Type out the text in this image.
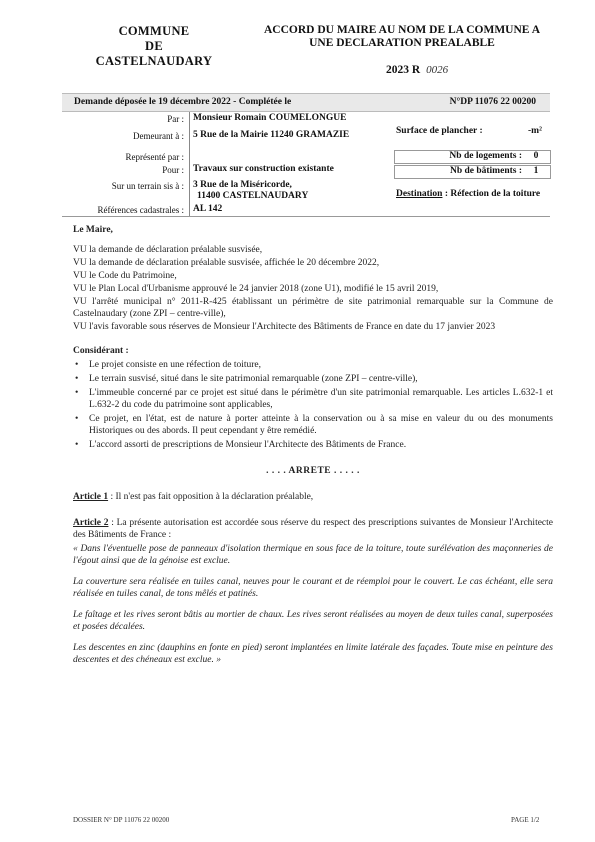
COMMUNE
DE
CASTELNAUDARY
ACCORD DU MAIRE AU NOM DE LA COMMUNE A
UNE DECLARATION PREALABLE
2023 R 0026
Demande déposée le 19 décembre 2022 - Complétée le	N°DP 11076 22 00200
Par : Monsieur Romain COUMELONGUE
Demeurant à : 5 Rue de la Mairie 11240 GRAMAZIE
Représenté par :
Pour : Travaux sur construction existante
Sur un terrain sis à : 3 Rue de la Miséricorde,
11400 CASTELNAUDARY
Références cadastrales : AL 142
Surface de plancher :	-m²
Nb de logements :	0
Nb de bâtiments :	1
Destination : Réfection de la toiture

Le Maire,

VU la demande de déclaration préalable susvisée,

VU la demande de déclaration préalable susvisée, affichée le 20 décembre 2022,

VU le Code du Patrimoine,

VU le Plan Local d'Urbanisme approuvé le 24 janvier 2018 (zone U1), modifié le 15 avril 2019,

VU l'arrêté municipal n° 2011-R-425 établissant un périmètre de site patrimonial remarquable sur la Commune de Castelnaudary (zone ZPI – centre-ville),

VU l'avis favorable sous réserves de Monsieur l'Architecte des Bâtiments de France en date du 17 janvier 2023

Considérant :

• Le projet consiste en une réfection de toiture,
• Le terrain susvisé, situé dans le site patrimonial remarquable (zone ZPI – centre-ville),
• L'immeuble concerné par ce projet est situé dans le périmètre d'un site patrimonial remarquable. Les articles L.632-1 et L.632-2 du code du patrimoine sont applicables,
• Ce projet, en l'état, est de nature à porter atteinte à la conservation ou à sa mise en valeur du ou des monuments Historiques ou des abords. Il peut cependant y être remédié.
• L'accord assorti de prescriptions de Monsieur l'Architecte des Bâtiments de France.

. . . . ARRETE . . . . .

Article 1 : Il n'est pas fait opposition à la déclaration préalable,

Article 2 : La présente autorisation est accordée sous réserve du respect des prescriptions suivantes de Monsieur l'Architecte des Bâtiments de France :

« Dans l'éventuelle pose de panneaux d'isolation thermique en sous face de la toiture, toute surélévation des maçonneries de l'égout ainsi que de la génoise est exclue.

La couverture sera réalisée en tuiles canal, neuves pour le courant et de réemploi pour le couvert. Le cas échéant, elle sera réalisée en tuiles canal, de tons mêlés et patinés.

Le faîtage et les rives seront bâtis au mortier de chaux. Les rives seront réalisées au moyen de deux tuiles canal, superposées et posées décalées.

Les descentes en zinc (dauphins en fonte en pied) seront implantées en limite latérale des façades. Toute mise en peinture des descentes et des chéneaux est exclue. »

DOSSIER N° DP 11076 22 00200	PAGE 1/2
